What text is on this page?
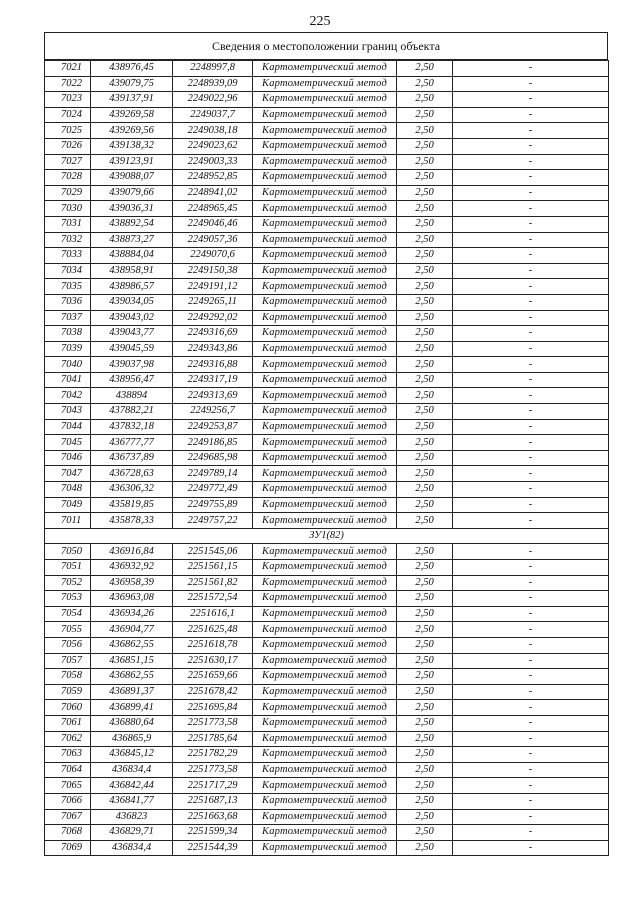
225
Сведения о местоположении границ объекта
7021	438976,45	2248997,8	Картометрический метод	2,50	-
7022	439079,75	2248939,09	Картометрический метод	2,50	-
7023	439137,91	2249022,96	Картометрический метод	2,50	-
7024	439269,58	2249037,7	Картометрический метод	2,50	-
7025	439269,56	2249038,18	Картометрический метод	2,50	-
7026	439138,32	2249023,62	Картометрический метод	2,50	-
7027	439123,91	2249003,33	Картометрический метод	2,50	-
7028	439088,07	2248952,85	Картометрический метод	2,50	-
7029	439079,66	2248941,02	Картометрический метод	2,50	-
7030	439036,31	2248965,45	Картометрический метод	2,50	-
7031	438892,54	2249046,46	Картометрический метод	2,50	-
7032	438873,27	2249057,36	Картометрический метод	2,50	-
7033	438884,04	2249070,6	Картометрический метод	2,50	-
7034	438958,91	2249150,38	Картометрический метод	2,50	-
7035	438986,57	2249191,12	Картометрический метод	2,50	-
7036	439034,05	2249265,11	Картометрический метод	2,50	-
7037	439043,02	2249292,02	Картометрический метод	2,50	-
7038	439043,77	2249316,69	Картометрический метод	2,50	-
7039	439045,59	2249343,86	Картометрический метод	2,50	-
7040	439037,98	2249316,88	Картометрический метод	2,50	-
7041	438956,47	2249317,19	Картометрический метод	2,50	-
7042	438894	2249313,69	Картометрический метод	2,50	-
7043	437882,21	2249256,7	Картометрический метод	2,50	-
7044	437832,18	2249253,87	Картометрический метод	2,50	-
7045	436777,77	2249186,85	Картометрический метод	2,50	-
7046	436737,89	2249685,98	Картометрический метод	2,50	-
7047	436728,63	2249789,14	Картометрический метод	2,50	-
7048	436306,32	2249772,49	Картометрический метод	2,50	-
7049	435819,85	2249755,89	Картометрический метод	2,50	-
7011	435878,33	2249757,22	Картометрический метод	2,50	-
ЗУ1(82)					
7050	436916,84	2251545,06	Картометрический метод	2,50	-
7051	436932,92	2251561,15	Картометрический метод	2,50	-
7052	436958,39	2251561,82	Картометрический метод	2,50	-
7053	436963,08	2251572,54	Картометрический метод	2,50	-
7054	436934,26	2251616,1	Картометрический метод	2,50	-
7055	436904,77	2251625,48	Картометрический метод	2,50	-
7056	436862,55	2251618,78	Картометрический метод	2,50	-
7057	436851,15	2251630,17	Картометрический метод	2,50	-
7058	436862,55	2251659,66	Картометрический метод	2,50	-
7059	436891,37	2251678,42	Картометрический метод	2,50	-
7060	436899,41	2251695,84	Картометрический метод	2,50	-
7061	436880,64	2251773,58	Картометрический метод	2,50	-
7062	436865,9	2251785,64	Картометрический метод	2,50	-
7063	436845,12	2251782,29	Картометрический метод	2,50	-
7064	436834,4	2251773,58	Картометрический метод	2,50	-
7065	436842,44	2251717,29	Картометрический метод	2,50	-
7066	436841,77	2251687,13	Картометрический метод	2,50	-
7067	436823	2251663,68	Картометрический метод	2,50	-
7068	436829,71	2251599,34	Картометрический метод	2,50	-
7069	436834,4	2251544,39	Картометрический метод	2,50	-
